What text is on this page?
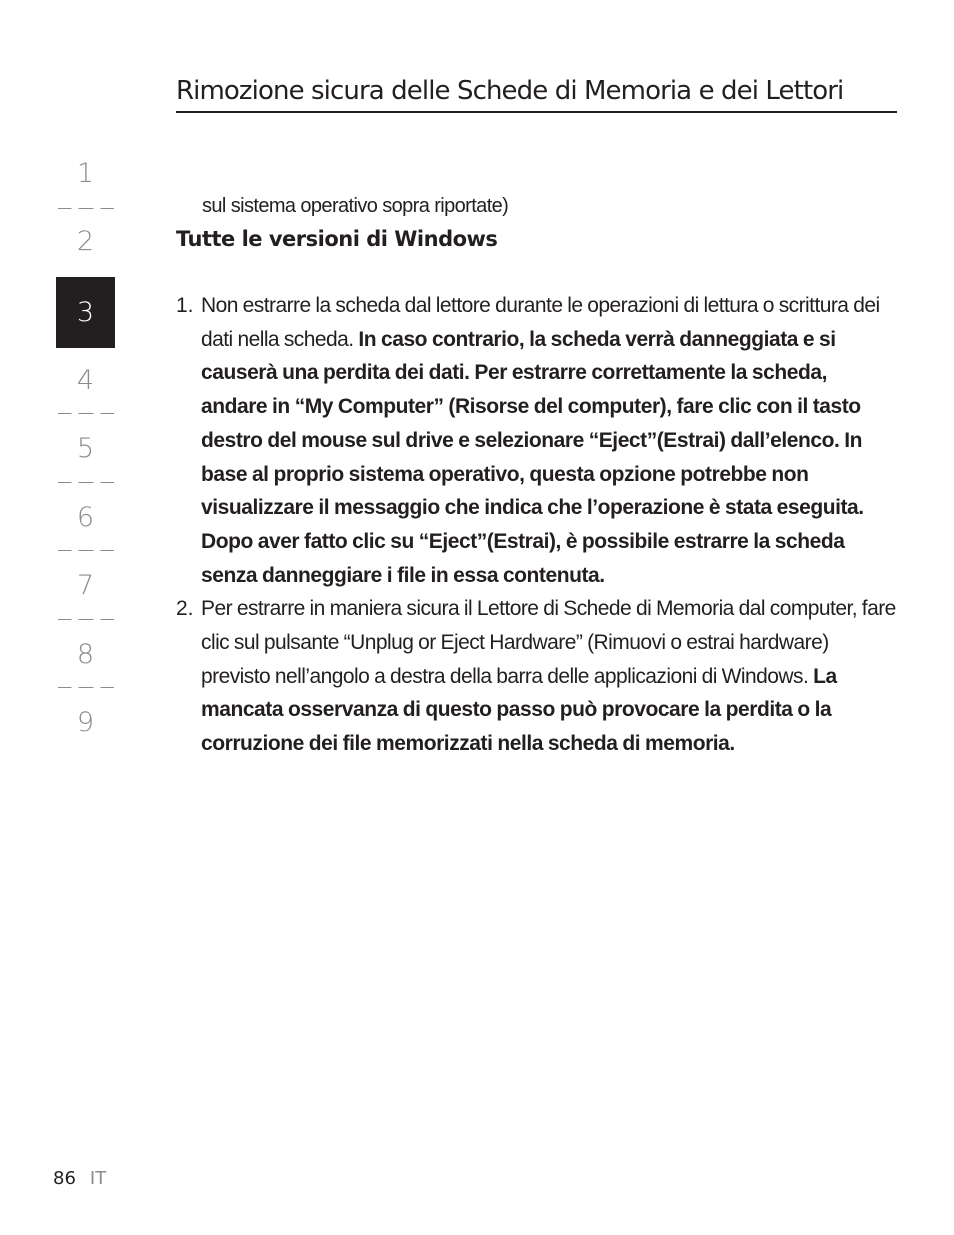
Rimozione sicura delle Schede di Memoria e dei Lettori
1
2
3
4
5
6
7
8
9
sul sistema operativo sopra riportate)
Tutte le versioni di Windows
1. Non estrarre la scheda dal lettore durante le operazioni di lettura o scrittura dei dati nella scheda. In caso contrario, la scheda verrà danneggiata e si causerà una perdita dei dati. Per estrarre correttamente la scheda, andare in “My Computer” (Risorse del computer), fare clic con il tasto destro del mouse sul drive e selezionare “Eject”(Estrai) dall’elenco. In base al proprio sistema operativo, questa opzione potrebbe non visualizzare il messaggio che indica che l’operazione è stata eseguita. Dopo aver fatto clic su “Eject”(Estrai), è possibile estrarre la scheda senza danneggiare i file in essa contenuta.
2. Per estrarre in maniera sicura il Lettore di Schede di Memoria dal computer, fare clic sul pulsante “Unplug or Eject Hardware” (Rimuovi o estrai hardware) previsto nell’angolo a destra della barra delle applicazioni di Windows. La mancata osservanza di questo passo può provocare la perdita o la corruzione dei file memorizzati nella scheda di memoria.
86 IT
